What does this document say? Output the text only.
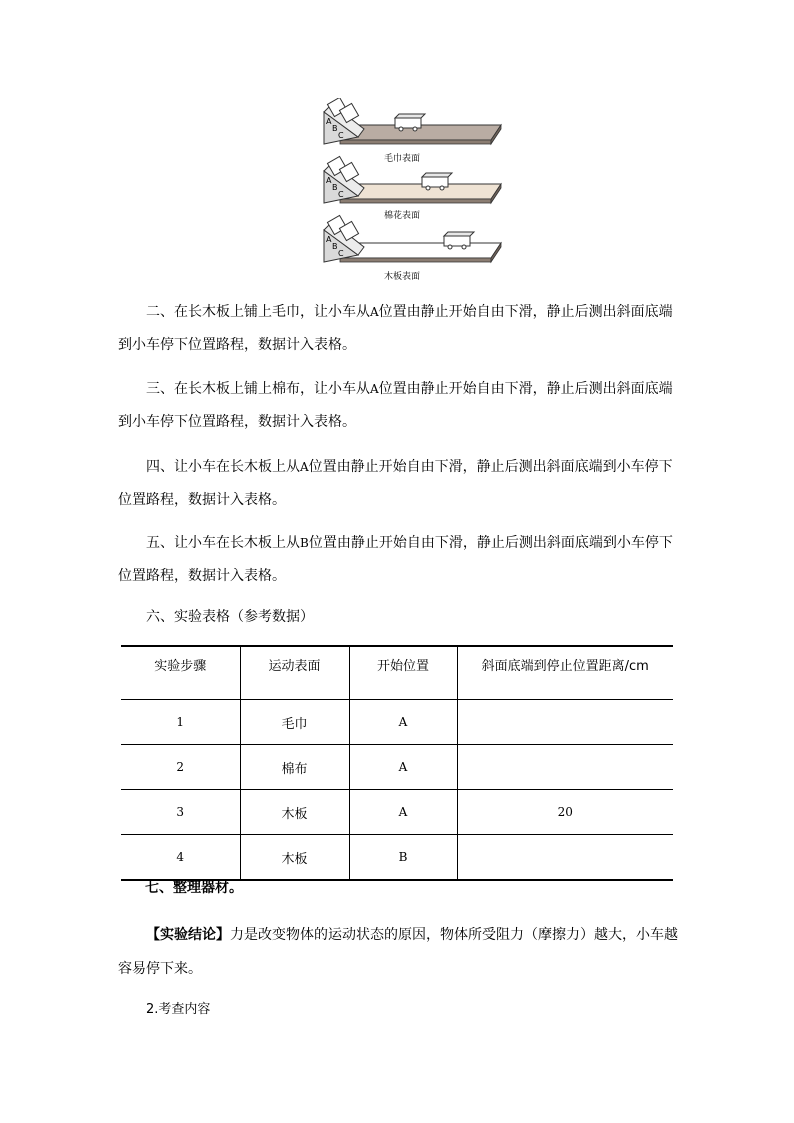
A
B
C
A
B
C
A
B
C
毛巾表面
棉花表面
木板表面

二、在长木板上铺上毛巾，让小车从A位置由静止开始自由下滑，静止后测出斜面底端
到小车停下位置路程，数据计入表格。

三、在长木板上铺上棉布，让小车从A位置由静止开始自由下滑，静止后测出斜面底端
到小车停下位置路程，数据计入表格。

四、让小车在长木板上从A位置由静止开始自由下滑，静止后测出斜面底端到小车停下
位置路程，数据计入表格。

五、让小车在长木板上从B位置由静止开始自由下滑，静止后测出斜面底端到小车停下
位置路程，数据计入表格。

六、实验表格（参考数据）

实验步骤	运动表面	开始位置	斜面底端到停止位置距离/cm
1	毛巾	A	
2	棉布	A	
3	木板	A	20
4	木板	B	
七、整理器材。

【实验结论】力是改变物体的运动状态的原因，物体所受阻力（摩擦力）越大，小车越
容易停下来。

2.考查内容
